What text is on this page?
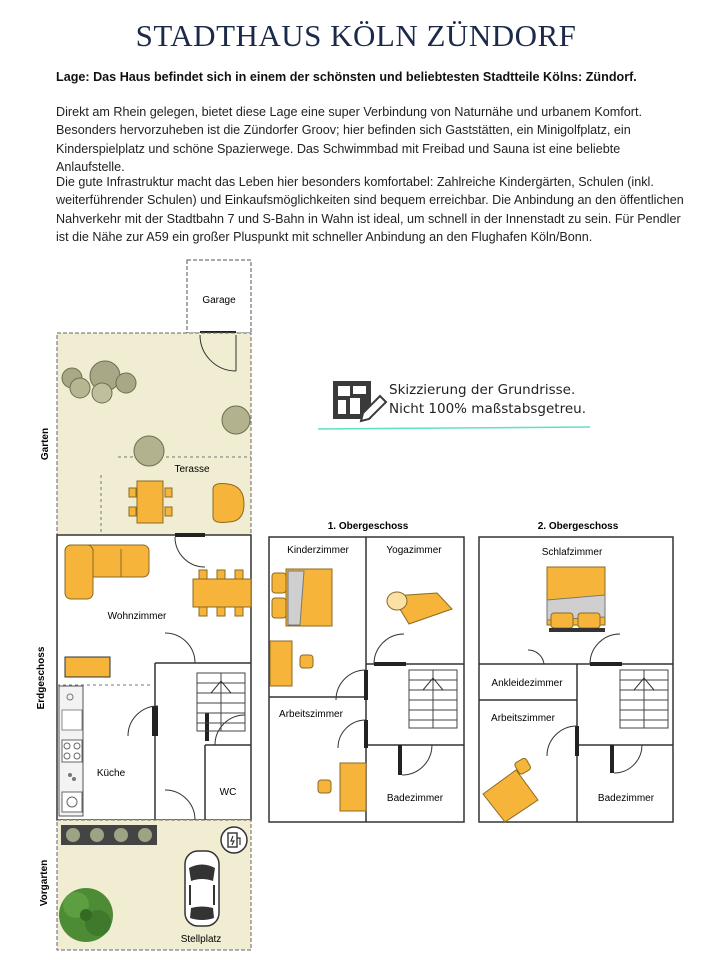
STADTHAUS KÖLN ZÜNDORF
Lage: Das Haus befindet sich in einem der schönsten und beliebtesten Stadtteile Kölns: Zündorf.
Direkt am Rhein gelegen, bietet diese Lage eine super Verbindung von Naturnähe und urbanem Komfort. Besonders hervorzuheben ist die Zündorfer Groov; hier befinden sich Gaststätten, ein Minigolfplatz, ein Kinderspielplatz und schöne Spazierwege. Das Schwimmbad mit Freibad und Sauna ist eine beliebte Anlaufstelle.
Die gute Infrastruktur macht das Leben hier besonders komfortabel: Zahlreiche Kindergärten, Schulen (inkl. weiterführender Schulen) und Einkaufsmöglichkeiten sind bequem erreichbar. Die Anbindung an den öffentlichen Nahverkehr mit der Stadtbahn 7 und S-Bahn in Wahn ist ideal, um schnell in der Innenstadt zu sein. Für Pendler ist die Nähe zur A59 ein großer Pluspunkt mit schneller Anbindung an den Flughafen Köln/Bonn.
Garage
Terasse
Wohnzimmer
Küche
WC
Stellplatz
Garten
Erdgeschoss
Vorgarten
1. Obergeschoss
Kinderzimmer	Yogazimmer
Arbeitszimmer
Badezimmer
2. Obergeschoss
Schlafzimmer
Ankleidezimmer
Arbeitszimmer
Badezimmer
Skizzierung der Grundrisse.
Nicht 100% maßstabsgetreu.
